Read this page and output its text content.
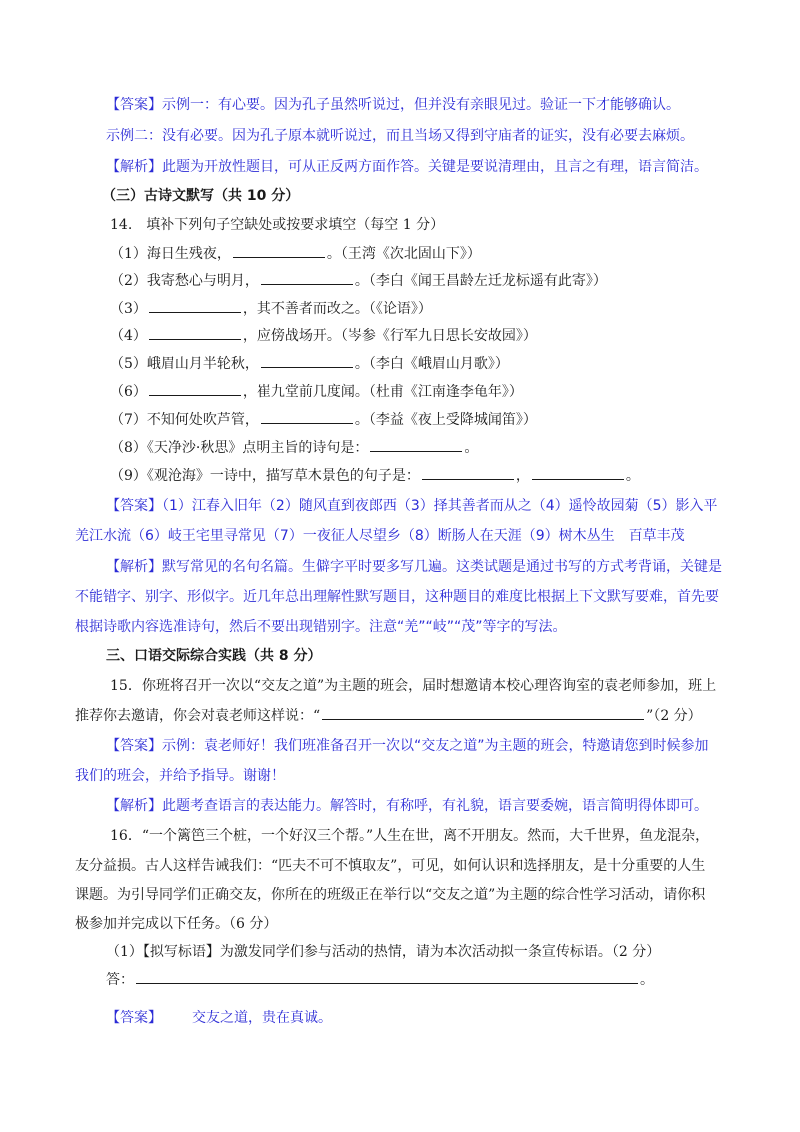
【答案】示例一：有心要。因为孔子虽然听说过，但并没有亲眼见过。验证一下才能够确认。
示例二：没有必要。因为孔子原本就听说过，而且当场又得到守庙者的证实，没有必要去麻烦。
【解析】此题为开放性题目，可从正反两方面作答。关键是要说清理由，且言之有理，语言简洁。
（三）古诗文默写（共 10 分）
14.　填补下列句子空缺处或按要求填空（每空 1 分）
（1）海日生残夜，	。（王湾《次北固山下》）
（2）我寄愁心与明月，	。（李白《闻王昌龄左迁龙标遥有此寄》）
（3）	，其不善者而改之。（《论语》）
（4）	，应傍战场开。（岑参《行军九日思长安故园》）
（5）峨眉山月半轮秋，	。（李白《峨眉山月歌》）
（6）	，崔九堂前几度闻。（杜甫《江南逢李龟年》）
（7）不知何处吹芦管，	。（李益《夜上受降城闻笛》）
（8）《天净沙·秋思》点明主旨的诗句是：	。
（9）《观沧海》一诗中，描写草木景色的句子是：	，	。
【答案】（1）江春入旧年（2）随风直到夜郎西（3）择其善者而从之（4）遥怜故园菊（5）影入平
羌江水流（6）岐王宅里寻常见（7）一夜征人尽望乡（8）断肠人在天涯（9）树木丛生　百草丰茂
【解析】默写常见的名句名篇。生僻字平时要多写几遍。这类试题是通过书写的方式考背诵，关键是
不能错字、别字、形似字。近几年总出理解性默写题目，这种题目的难度比根据上下文默写要难，首先要
根据诗歌内容选准诗句，然后不要出现错别字。注意“羌”“岐”“茂”等字的写法。
三、口语交际综合实践（共 8 分）
15．你班将召开一次以“交友之道”为主题的班会，届时想邀请本校心理咨询室的袁老师参加，班上
推荐你去邀请，你会对袁老师这样说：“	”（2 分）
【答案】示例：袁老师好！我们班准备召开一次以“交友之道”为主题的班会，特邀请您到时候参加
我们的班会，并给予指导。谢谢！
【解析】此题考查语言的表达能力。解答时，有称呼，有礼貌，语言要委婉，语言简明得体即可。
16．“一个篱笆三个桩，一个好汉三个帮。”人生在世，离不开朋友。然而，大千世界，鱼龙混杂，
友分益损。古人这样告诫我们：“匹夫不可不慎取友”，可见，如何认识和选择朋友，是十分重要的人生
课题。为引导同学们正确交友，你所在的班级正在举行以“交友之道”为主题的综合性学习活动，请你积
极参加并完成以下任务。（6 分）
（1）【拟写标语】为激发同学们参与活动的热情，请为本次活动拟一条宣传标语。（2 分）
答：	。
【答案】 交友之道，贵在真诚。
